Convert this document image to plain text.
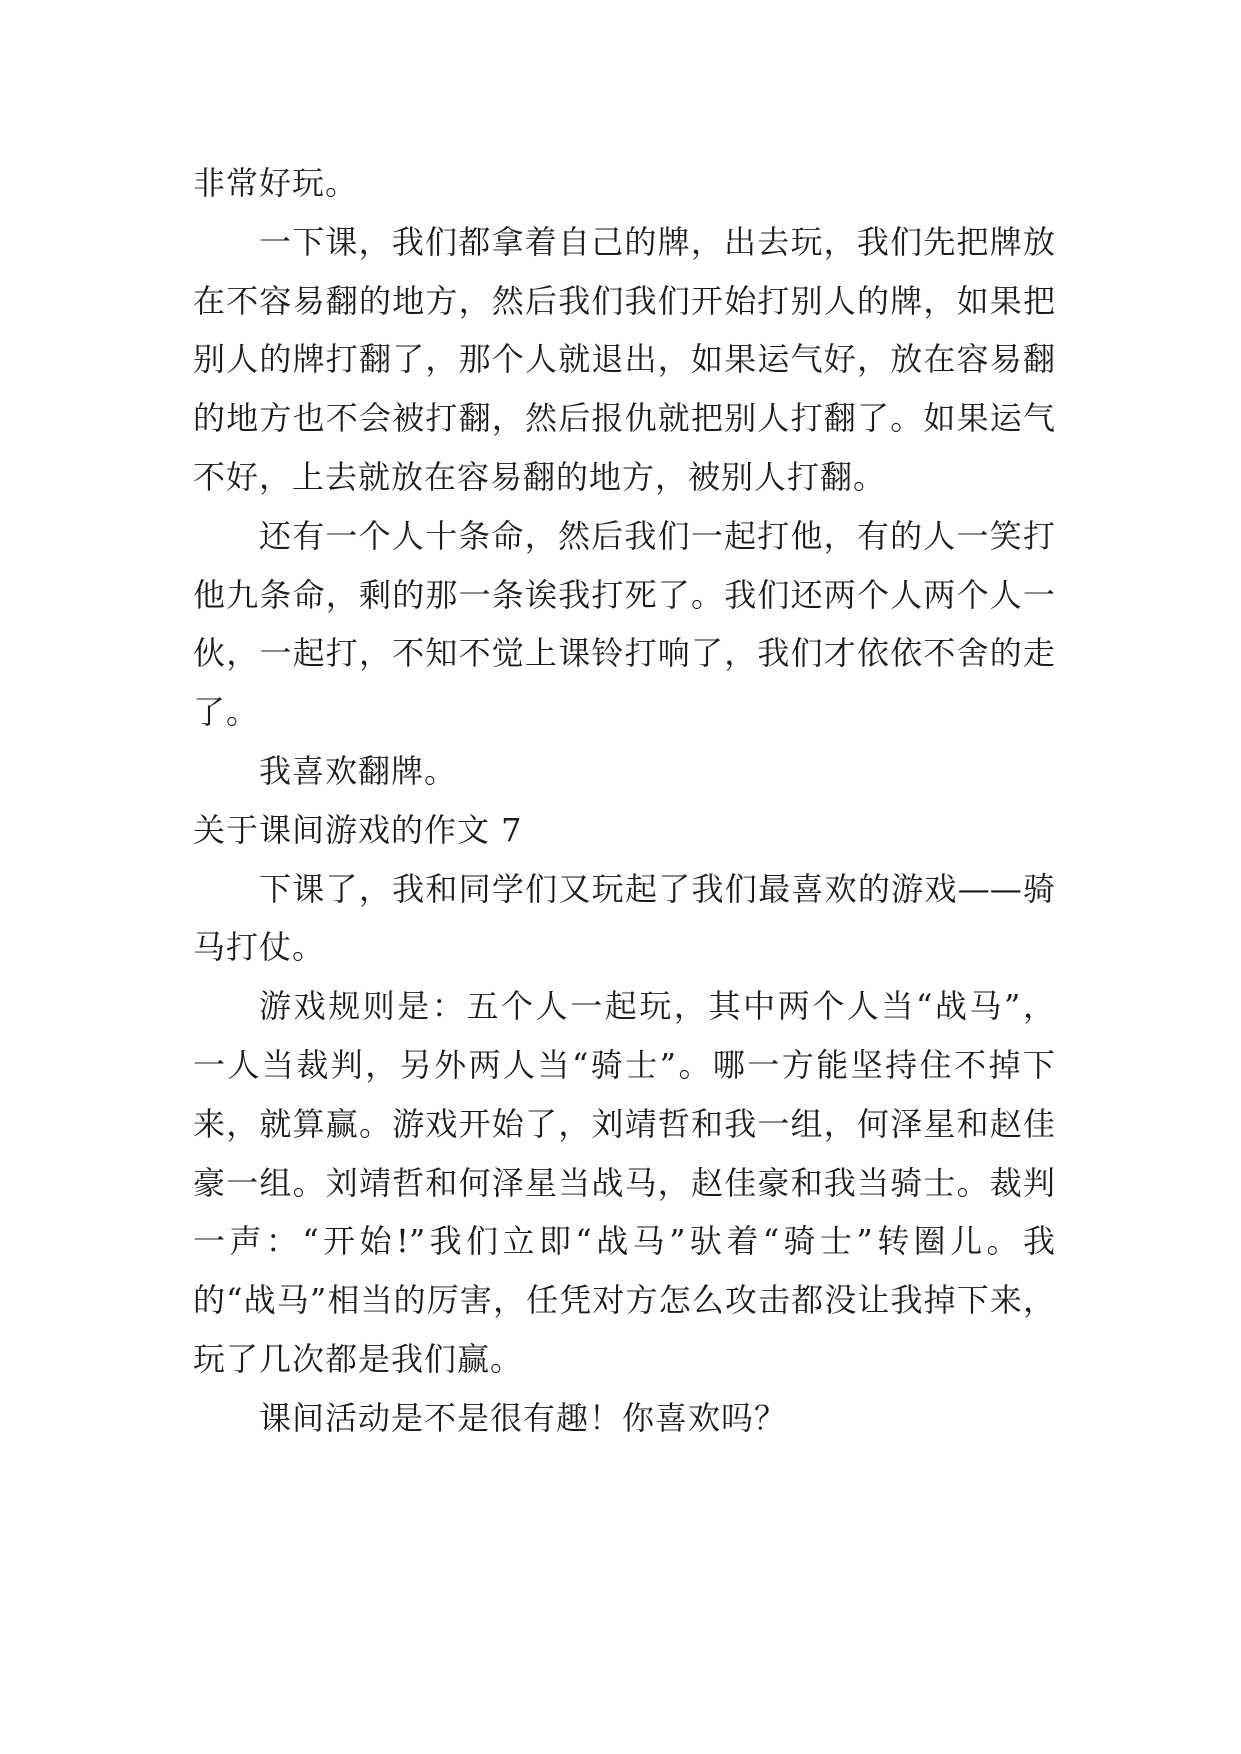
非常好玩。
一下课，我们都拿着自己的牌，出去玩，我们先把牌放
在不容易翻的地方，然后我们我们开始打别人的牌，如果把
别人的牌打翻了，那个人就退出，如果运气好，放在容易翻
的地方也不会被打翻，然后报仇就把别人打翻了。如果运气
不好，上去就放在容易翻的地方，被别人打翻。
还有一个人十条命，然后我们一起打他，有的人一笑打
他九条命，剩的那一条诶我打死了。我们还两个人两个人一
伙，一起打，不知不觉上课铃打响了，我们才依依不舍的走
了。
我喜欢翻牌。
关于课间游戏的作文 7
下课了，我和同学们又玩起了我们最喜欢的游戏——骑
马打仗。
游戏规则是：五个人一起玩，其中两个人当“战马”，
一人当裁判，另外两人当“骑士”。哪一方能坚持住不掉下
来，就算赢。游戏开始了，刘靖哲和我一组，何泽星和赵佳
豪一组。刘靖哲和何泽星当战马，赵佳豪和我当骑士。裁判
一声：“开始!”我们立即“战马”驮着“骑士”转圈儿。我
的“战马”相当的厉害，任凭对方怎么攻击都没让我掉下来，
玩了几次都是我们赢。
课间活动是不是很有趣！你喜欢吗？
